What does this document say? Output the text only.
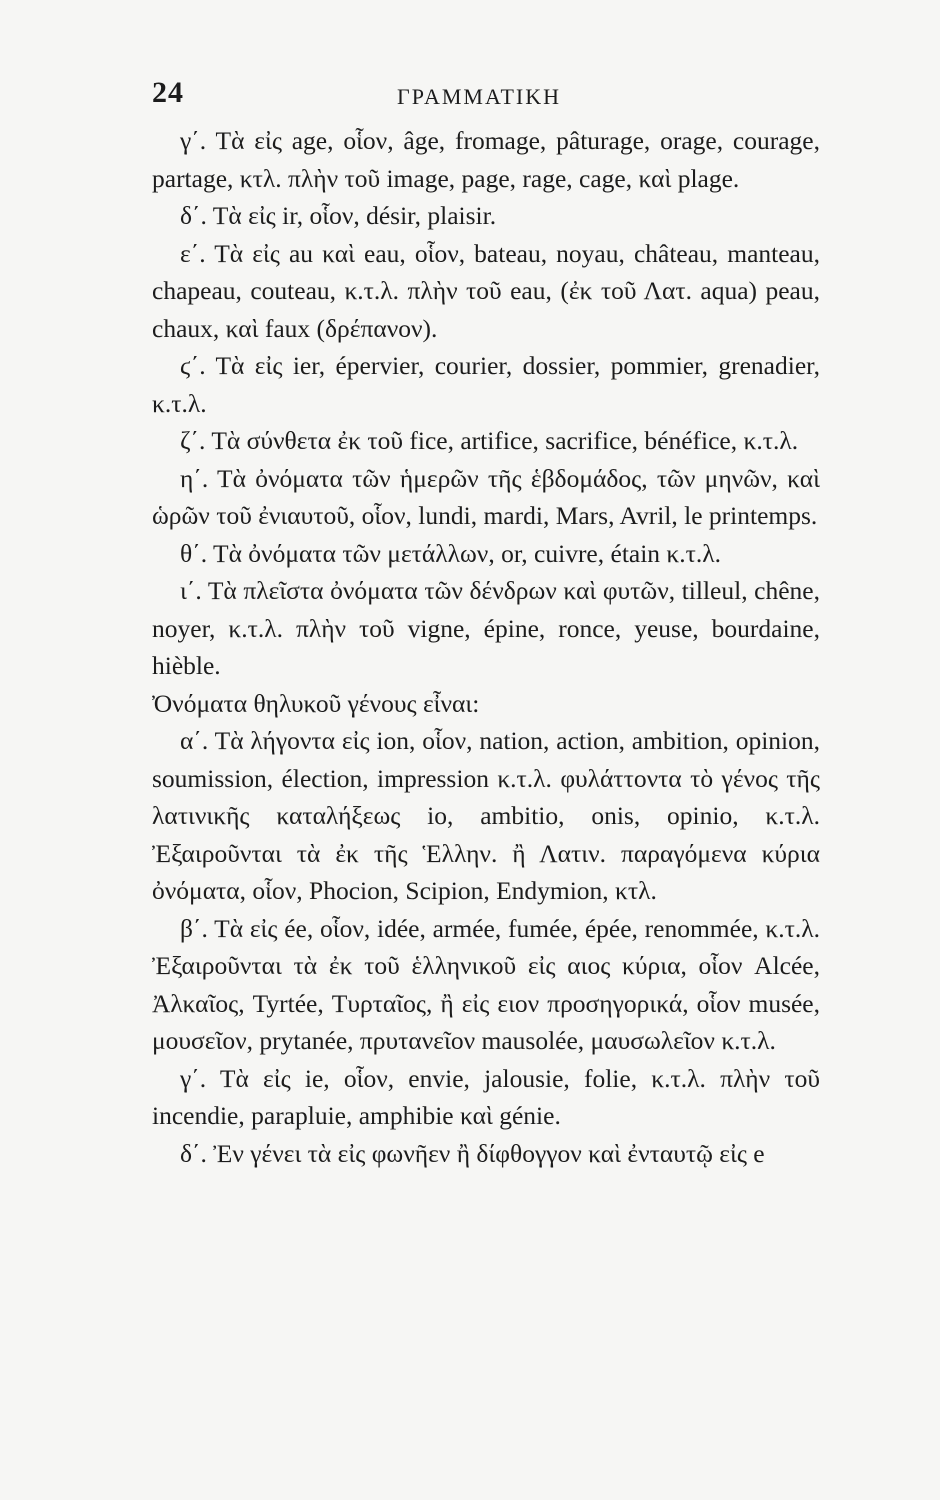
24	ΓΡΑΜΜΑΤΙΚΗ

γ΄. Τὰ εἰς age, οἷον, âge, fromage, pâturage, orage, courage, partage, κτλ. πλὴν τοῦ image, page, rage, cage, καὶ plage.

δ΄. Τὰ εἰς ir, οἷον, désir, plaisir.

ε΄. Τὰ εἰς au καὶ eau, οἷον, bateau, noyau, château, manteau, chapeau, couteau, κ.τ.λ. πλὴν τοῦ eau, (ἐκ τοῦ Λατ. aqua) peau, chaux, καὶ faux (δρέπανον).

ϛ΄. Τὰ εἰς ier, épervier, courier, dossier, pommier, grenadier, κ.τ.λ.

ζ΄. Τὰ σύνθετα ἐκ τοῦ fice, artifice, sacrifice, bénéfice, κ.τ.λ.

η΄. Τὰ ὀνόματα τῶν ἡμερῶν τῆς ἑβδομάδος, τῶν μηνῶν, καὶ ὡρῶν τοῦ ἐνιαυτοῦ, οἷον, lundi, mardi, Mars, Avril, le printemps.

θ΄. Τὰ ὀνόματα τῶν μετάλλων, or, cuivre, étain κ.τ.λ.

ι΄. Τὰ πλεῖστα ὀνόματα τῶν δένδρων καὶ φυτῶν, tilleul, chêne, noyer, κ.τ.λ. πλὴν τοῦ vigne, épine, ronce, yeuse, bourdaine, hièble.

Ὀνόματα θηλυκοῦ γένους εἶναι:

α΄. Τὰ λήγοντα εἰς ion, οἷον, nation, action, ambition, opinion, soumission, élection, impression κ.τ.λ. φυλάττοντα τὸ γένος τῆς λατινικῆς καταλήξεως io, ambitio, onis, opinio, κ.τ.λ. Ἐξαιροῦνται τὰ ἐκ τῆς Ἑλλην. ἢ Λατιν. παραγόμενα κύρια ὀνόματα, οἷον, Phocion, Scipion, Endymion, κτλ.

β΄. Τὰ εἰς ée, οἷον, idée, armée, fumée, épée, renommée, κ.τ.λ. Ἐξαιροῦνται τὰ ἐκ τοῦ ἑλληνικοῦ εἰς αιος κύρια, οἷον Alcée, Ἀλκαῖος, Tyrtée, Τυρταῖος, ἢ εἰς ειον προσηγορικά, οἷον musée, μουσεῖον, prytanée, πρυτανεῖον mausolée, μαυσωλεῖον κ.τ.λ.

γ΄. Τὰ εἰς ie, οἷον, envie, jalousie, folie, κ.τ.λ. πλὴν τοῦ incendie, parapluie, amphibie καὶ génie.

δ΄. Ἐν γένει τὰ εἰς φωνῆεν ἢ δίφθογγον καὶ ἐνταυτῷ εἰς e
